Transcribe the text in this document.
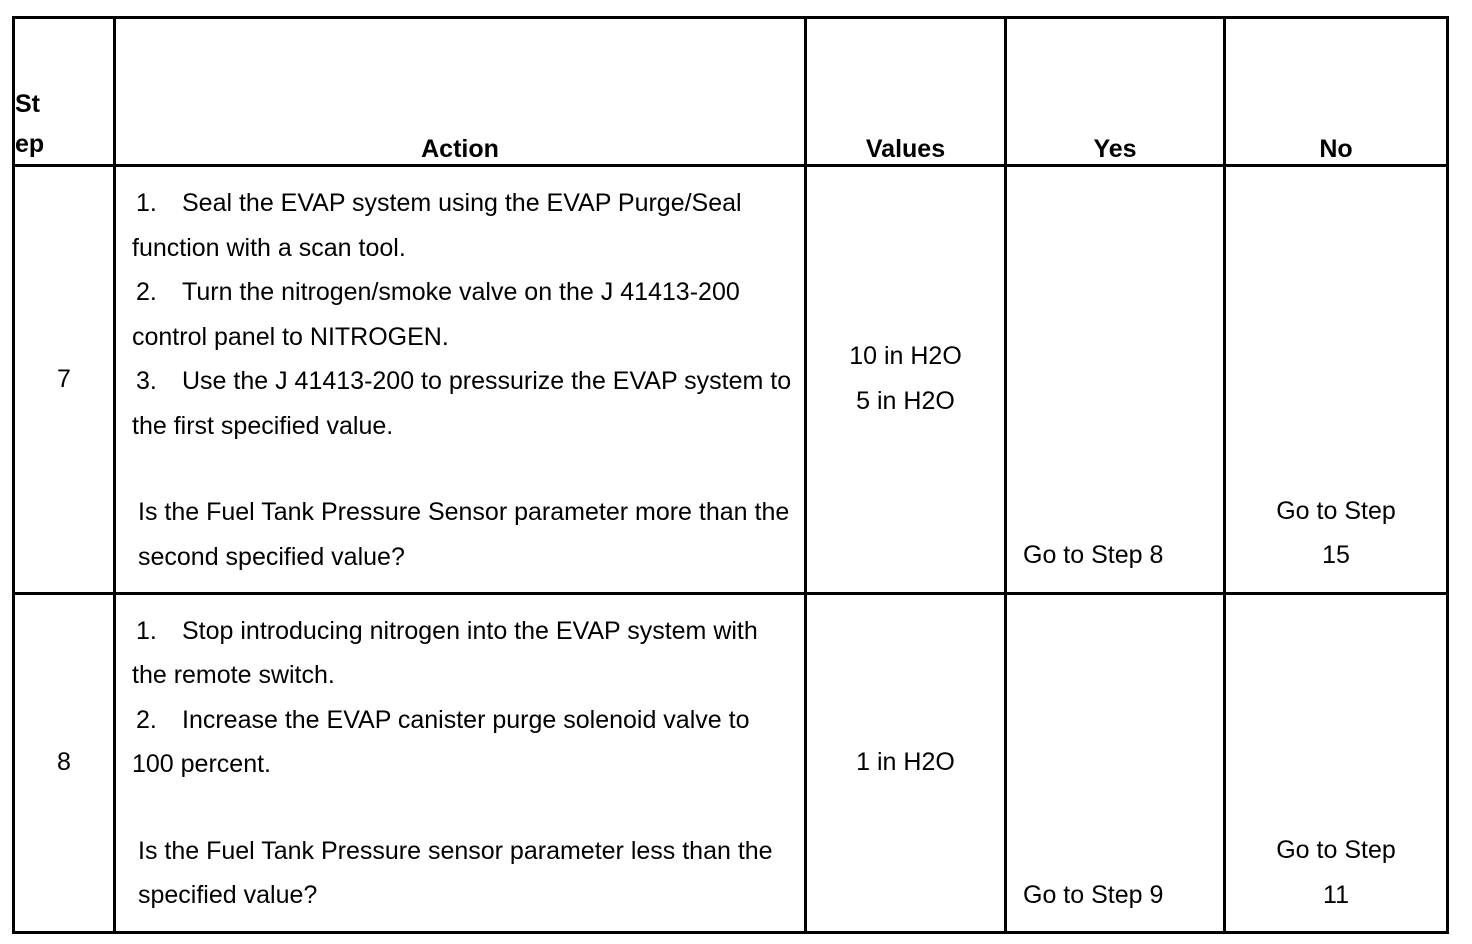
St
ep	Action	Values	Yes	No
7	1. Seal the EVAP system using the EVAP Purge/Seal function with a scan tool.
2. Turn the nitrogen/smoke valve on the J 41413-200 control panel to NITROGEN.
3. Use the J 41413-200 to pressurize the EVAP system to the first specified value.
Is the Fuel Tank Pressure Sensor parameter more than the second specified value?	10 in H2O
5 in H2O	Go to Step 8	Go to Step
15
8	1. Stop introducing nitrogen into the EVAP system with the remote switch.
2. Increase the EVAP canister purge solenoid valve to 100 percent.
Is the Fuel Tank Pressure sensor parameter less than the specified value?	1 in H2O	Go to Step 9	Go to Step
11
